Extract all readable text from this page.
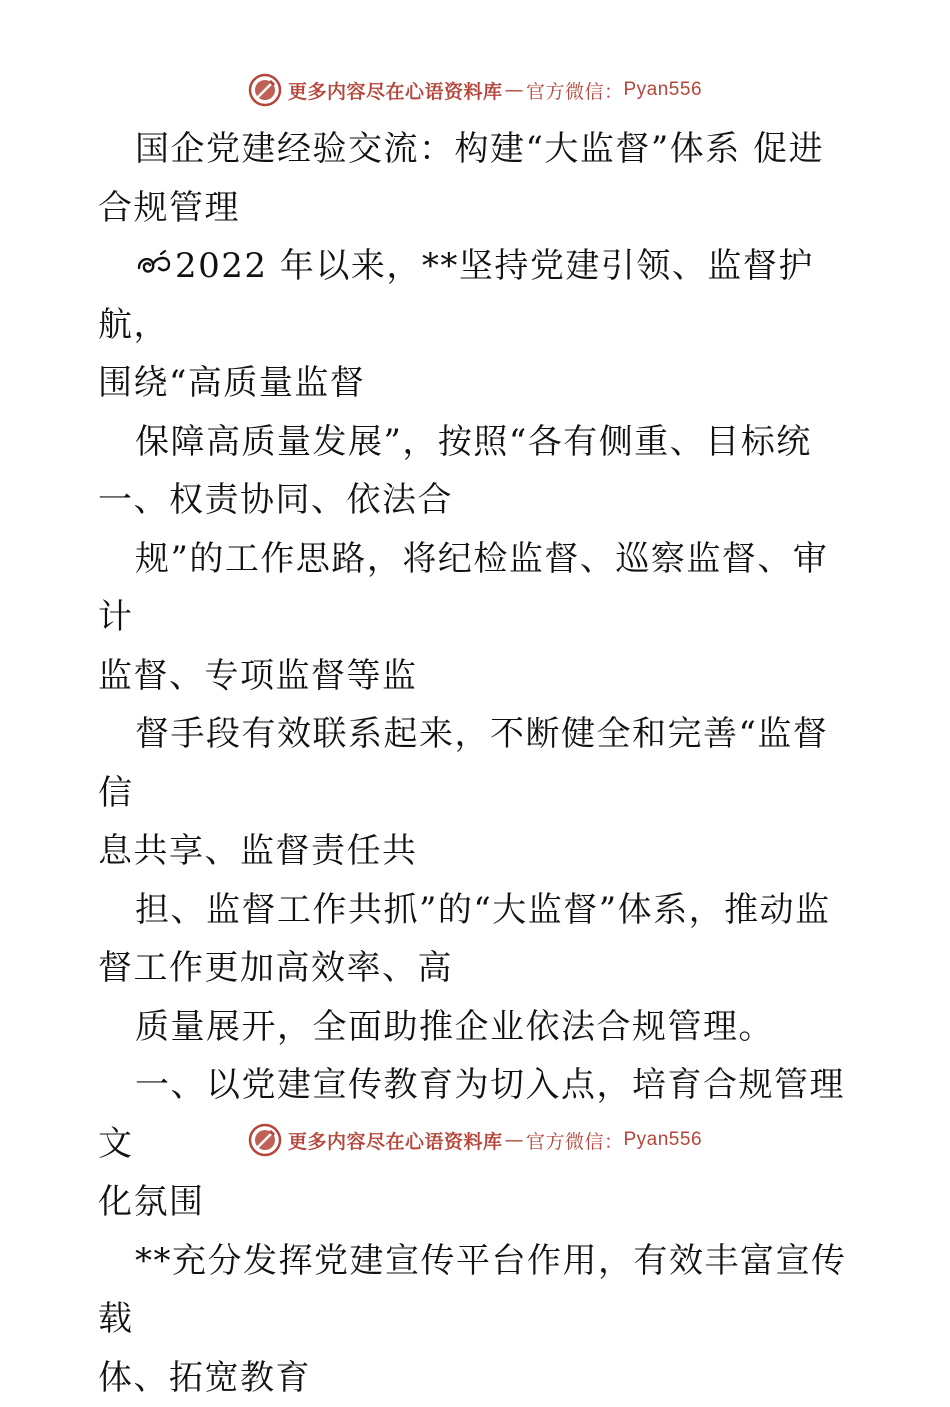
更多内容尽在心语资料库 — 官方微信： Pyan556

国企党建经验交流：构建“大监督”体系 促进

合规管理

2022 年以来，**坚持党建引领、监督护航，

围绕“高质量监督

保障高质量发展”，按照“各有侧重、目标统

一、权责协同、依法合

规”的工作思路，将纪检监督、巡察监督、审计

监督、专项监督等监

督手段有效联系起来，不断健全和完善“监督信

息共享、监督责任共

担、监督工作共抓”的“大监督”体系，推动监

督工作更加高效率、高

质量展开，全面助推企业依法合规管理。

一、以党建宣传教育为切入点，培育合规管理文

化氛围

**充分发挥党建宣传平台作用，有效丰富宣传载

体、拓宽教育

更多内容尽在心语资料库 — 官方微信： Pyan556
